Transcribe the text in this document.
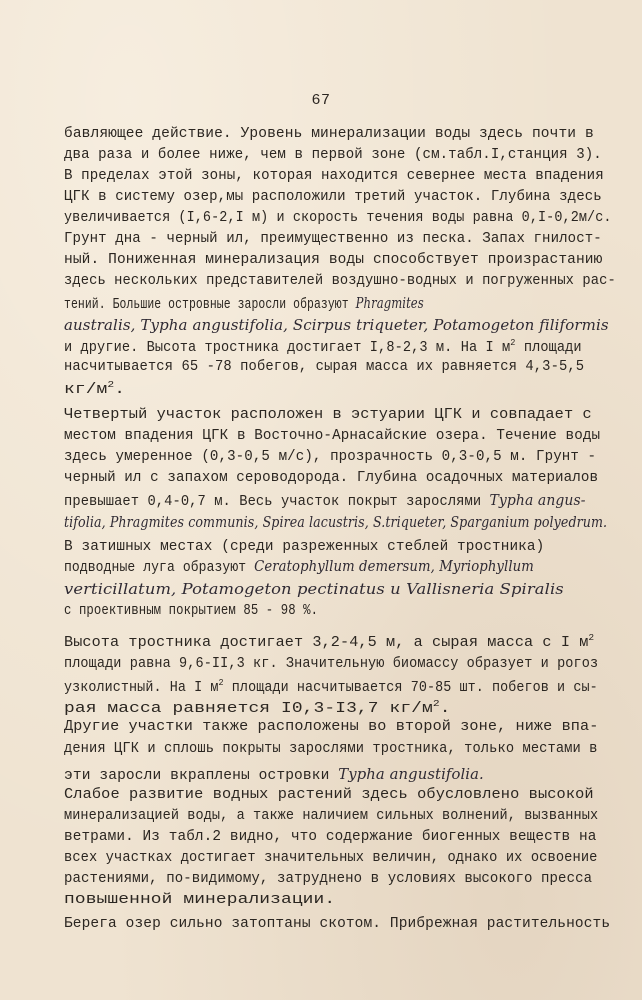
67
бавляющее действие. Уровень минерализации воды здесь почти в
два раза и более ниже, чем в первой зоне (см.табл.I,станция 3).
В пределах этой зоны, которая находится севернее места впадения
ЦГК в систему озер,мы расположили третий участок. Глубина здесь
увеличивается (I,6-2,I м) и скорость течения воды равна 0,I-0,2м/с.
Грунт дна - черный ил, преимущественно из песка. Запах гнилост-
ный. Пониженная минерализация воды способствует произрастанию
здесь нескольких представителей воздушно-водных и погруженных рас-
тений. Большие островные заросли образуют Phragmites
australis, Typha angustifolia, Scirpus triqueter, Potamogeton filiformis
и другие. Высота тростника достигает I,8-2,3 м. На I $м^2$ площади
насчитывается 65 -78 побегов, сырая масса их равняется 4,3-5,5
$кг/м^2$.
Четвертый участок расположен в эстуарии ЦГК и совпадает с
местом впадения ЦГК в Восточно-Арнасайские озера. Течение воды
здесь умеренное (0,3-0,5 м/с), прозрачность 0,3-0,5 м. Грунт -
черный ил с запахом сероводорода. Глубина осадочных материалов
превышает 0,4-0,7 м. Весь участок покрыт зарослями Typha angus-
tifolia, Phragmites communis, Spirea lacustris, S.triqueter, Sparganium polyedrum.
В затишных местах (среди разреженных стеблей тростника)
подводные луга образуют Ceratophyllum demersum, Myriophyllum
verticillatum, Potamogeton pectinatus и Vallisneria Spiralis
с проективным покрытием 85 - 98 %.
Высота тростника достигает 3,2-4,5 м, а сырая масса с I $м^2$
площади равна 9,6-II,3 кг. Значительную биомассу образует и рогоз
узколистный. На I $м^2$ площади насчитывается 70-85 шт. побегов и сы-
рая масса равняется I0,3-I3,7 $кг/м^2$.
Другие участки также расположены во второй зоне, ниже впа-
дения ЦГК и сплошь покрыты зарослями тростника, только местами в
эти заросли вкраплены островки Typha angustifolia.
Слабое развитие водных растений здесь обусловлено высокой
минерализацией воды, а также наличием сильных волнений, вызванных
ветрами. Из табл.2 видно, что содержание биогенных веществ на
всех участках достигает значительных величин, однако их освоение
растениями, по-видимому, затруднено в условиях высокого пресса
повышенной минерализации.
Берега озер сильно затоптаны скотом. Прибрежная растительность
